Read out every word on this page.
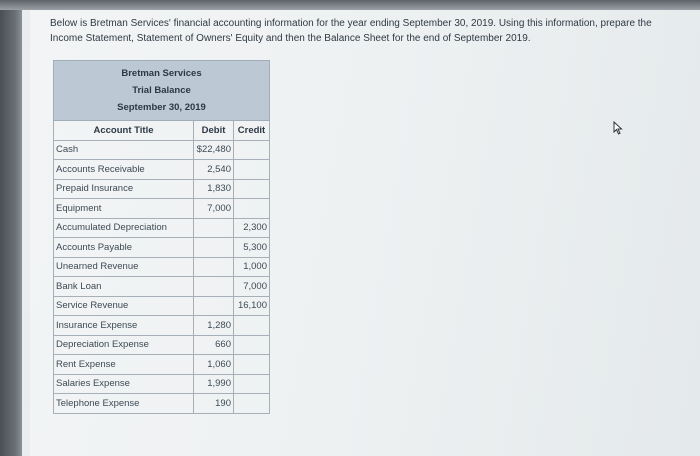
Below is Bretman Services' financial accounting information for the year ending September 30, 2019. Using this information, prepare the Income Statement, Statement of Owners' Equity and then the Balance Sheet for the end of September 2019.
Bretman Services
Trial Balance
September 30, 2019		

Account Title	Debit	Credit
Cash	$22,480	
Accounts Receivable	2,540	
Prepaid Insurance	1,830	
Equipment	7,000	
Accumulated Depreciation		2,300
Accounts Payable		5,300
Unearned Revenue		1,000
Bank Loan		7,000
Service Revenue		16,100
Insurance Expense	1,280	
Depreciation Expense	660	
Rent Expense	1,060	
Salaries Expense	1,990	
Telephone Expense	190	
